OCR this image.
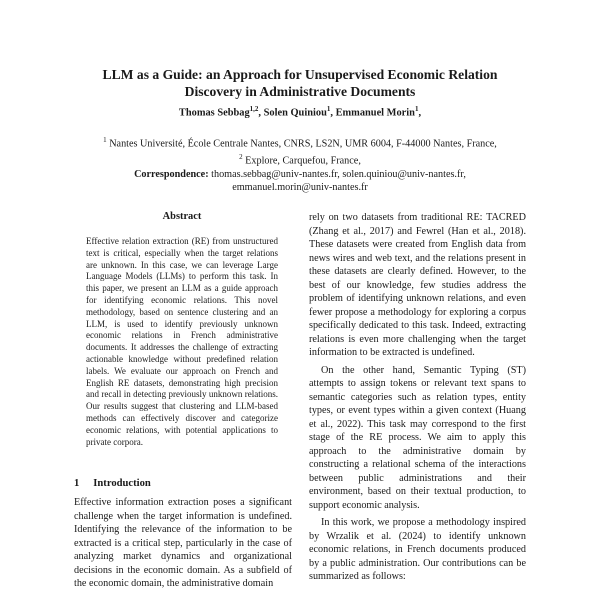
LLM as a Guide: an Approach for Unsupervised Economic Relation
Discovery in Administrative Documents
Thomas Sebbag$^{1,2}$, Solen Quiniou$^1$, Emmanuel Morin$^1$,
$^1$ Nantes Université, École Centrale Nantes, CNRS, LS2N, UMR 6004, F-44000 Nantes, France,
$^2$ Explore, Carquefou, France,
Correspondence: thomas.sebbag@univ-nantes.fr, solen.quiniou@univ-nantes.fr,
emmanuel.morin@univ-nantes.fr
Abstract

Effective relation extraction (RE) from unstructured text is critical, especially when the target relations are unknown. In this case, we can leverage Large Language Models (LLMs) to perform this task. In this paper, we present an LLM as a guide approach for identifying economic relations. This novel methodology, based on sentence clustering and an LLM, is used to identify previously unknown economic relations in French administrative documents. It addresses the challenge of extracting actionable knowledge without predefined relation labels. We evaluate our approach on French and English RE datasets, demonstrating high precision and recall in detecting previously unknown relations. Our results suggest that clustering and LLM-based methods can effectively discover and categorize economic relations, with potential applications to private corpora.

1 Introduction

Effective information extraction poses a significant challenge when the target information is undefined. Identifying the relevance of the information to be extracted is a critical step, particularly in the case of analyzing market dynamics and organizational decisions in the economic domain. As a subfield of the economic domain, the administrative domain

rely on two datasets from traditional RE: TACRED (Zhang et al., 2017) and Fewrel (Han et al., 2018). These datasets were created from English data from news wires and web text, and the relations present in these datasets are clearly defined. However, to the best of our knowledge, few studies address the problem of identifying unknown relations, and even fewer propose a methodology for exploring a corpus specifically dedicated to this task. Indeed, extracting relations is even more challenging when the target information to be extracted is undefined.

On the other hand, Semantic Typing (ST) attempts to assign tokens or relevant text spans to semantic categories such as relation types, entity types, or event types within a given context (Huang et al., 2022). This task may correspond to the first stage of the RE process. We aim to apply this approach to the administrative domain by constructing a relational schema of the interactions between public administrations and their environment, based on their textual production, to support economic analysis.

In this work, we propose a methodology inspired by Wrzalik et al. (2024) to identify unknown economic relations, in French documents produced by a public administration. Our contributions can be summarized as follows:
